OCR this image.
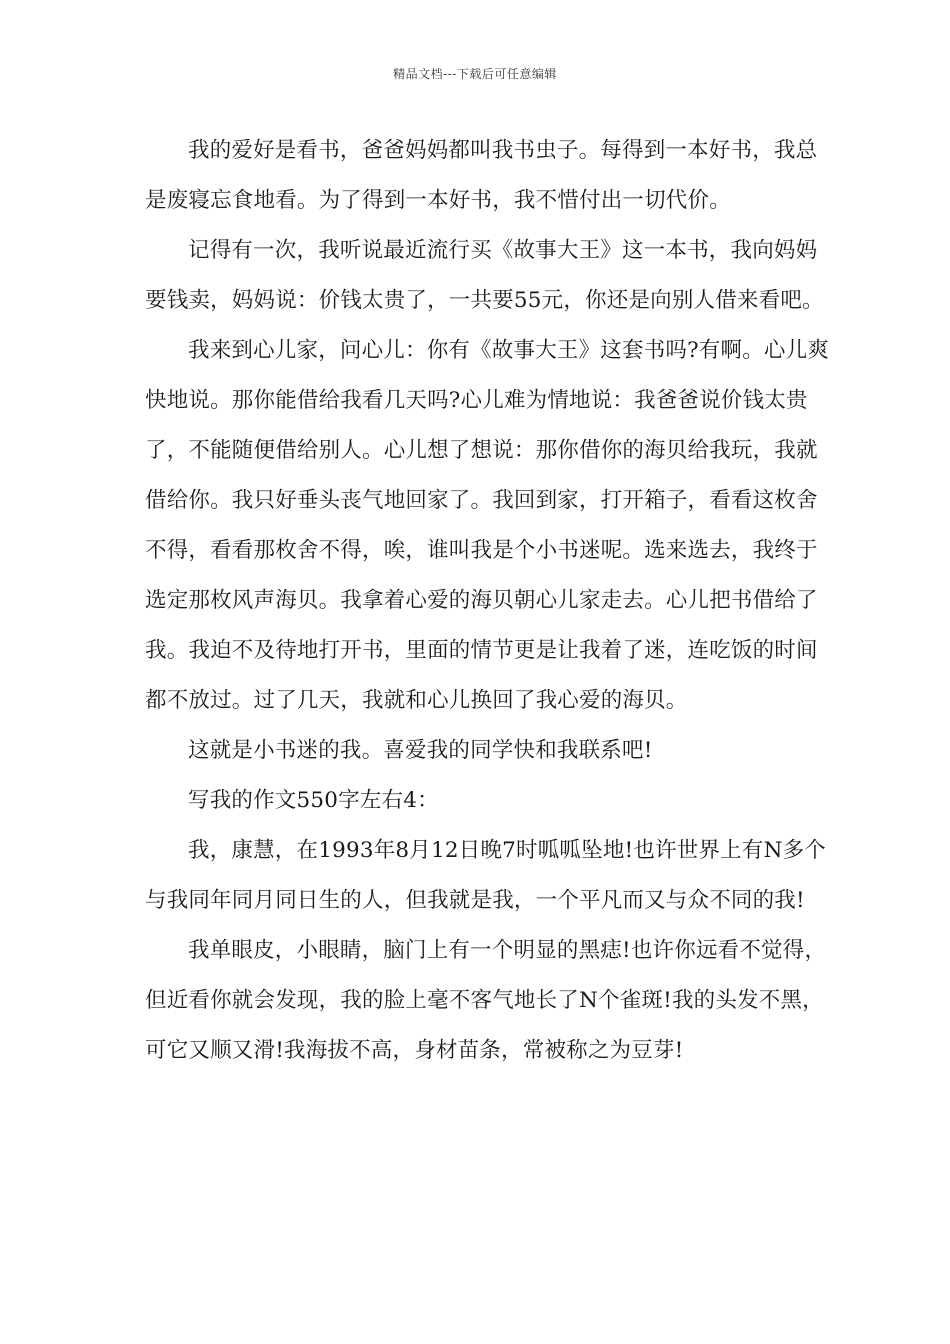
精品文档---下载后可任意编辑

我的爱好是看书，爸爸妈妈都叫我书虫子。每得到一本好书，我总是废寝忘食地看。为了得到一本好书，我不惜付出一切代价。

记得有一次，我听说最近流行买《故事大王》这一本书，我向妈妈要钱卖，妈妈说：价钱太贵了，一共要55元，你还是向别人借来看吧。

我来到心儿家，问心儿：你有《故事大王》这套书吗?有啊。心儿爽快地说。那你能借给我看几天吗?心儿难为情地说：我爸爸说价钱太贵了，不能随便借给别人。心儿想了想说：那你借你的海贝给我玩，我就借给你。我只好垂头丧气地回家了。我回到家，打开箱子，看看这枚舍不得，看看那枚舍不得，唉，谁叫我是个小书迷呢。选来选去，我终于选定那枚风声海贝。我拿着心爱的海贝朝心儿家走去。心儿把书借给了我。我迫不及待地打开书，里面的情节更是让我着了迷，连吃饭的时间都不放过。过了几天，我就和心儿换回了我心爱的海贝。

这就是小书迷的我。喜爱我的同学快和我联系吧!

写我的作文550字左右4：

我，康慧，在1993年8月12日晚7时呱呱坠地!也许世界上有N多个与我同年同月同日生的人，但我就是我，一个平凡而又与众不同的我!

我单眼皮，小眼睛，脑门上有一个明显的黑痣!也许你远看不觉得，但近看你就会发现，我的脸上毫不客气地长了N个雀斑!我的头发不黑，可它又顺又滑!我海拔不高，身材苗条，常被称之为豆芽!
